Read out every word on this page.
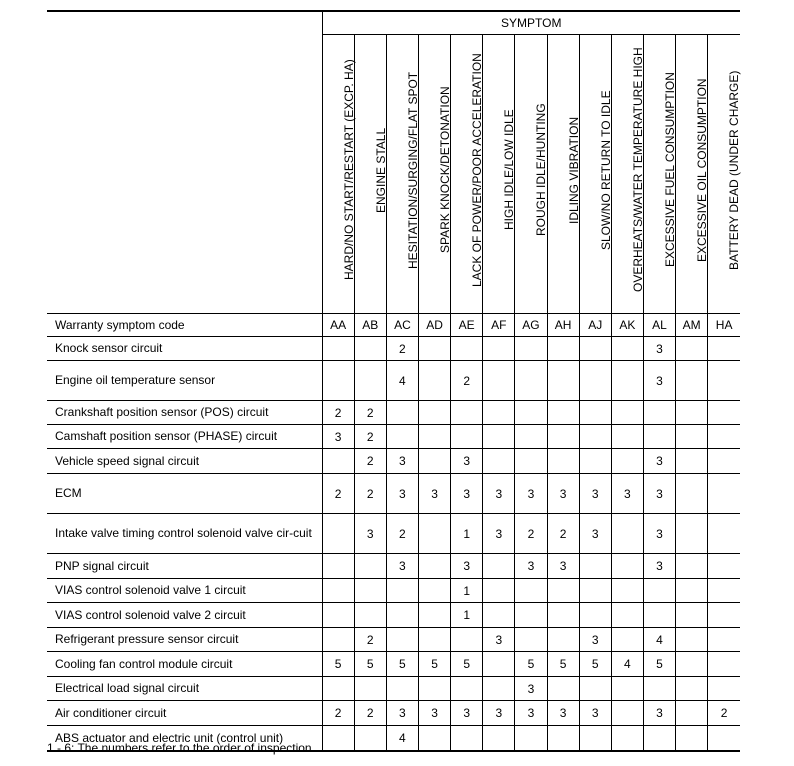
	SYMPTOM												

HARD/NO START/RESTART (EXCP. HA)	ENGINE STALL	HESITATION/SURGING/FLAT SPOT	SPARK KNOCK/DETONATION	LACK OF POWER/POOR ACCELERATION	HIGH IDLE/LOW IDLE	ROUGH IDLE/HUNTING	IDLING VIBRATION	SLOW/NO RETURN TO IDLE	OVERHEATS/WATER TEMPERATURE HIGH	EXCESSIVE FUEL CONSUMPTION	EXCESSIVE OIL CONSUMPTION	BATTERY DEAD (UNDER CHARGE)

Warranty symptom code	AA	AB	AC	AD	AE	AF	AG	AH	AJ	AK	AL	AM	HA
Knock sensor circuit			2								3		
Engine oil temperature sensor			4		2						3		
Crankshaft position sensor (POS) circuit	2	2											
Camshaft position sensor (PHASE) circuit	3	2											
Vehicle speed signal circuit		2	3		3						3		
ECM	2	2	3	3	3	3	3	3	3	3	3		
Intake valve timing control solenoid valve cir-cuit		3	2		1	3	2	2	3		3		
PNP signal circuit			3		3		3	3			3		
VIAS control solenoid valve 1 circuit					1								
VIAS control solenoid valve 2 circuit					1								
Refrigerant pressure sensor circuit		2				3			3		4		
Cooling fan control module circuit	5	5	5	5	5		5	5	5	4	5		
Electrical load signal circuit							3						
Air conditioner circuit	2	2	3	3	3	3	3	3	3		3		2
ABS actuator and electric unit (control unit)			4										
1 - 6: The numbers refer to the order of inspection.
